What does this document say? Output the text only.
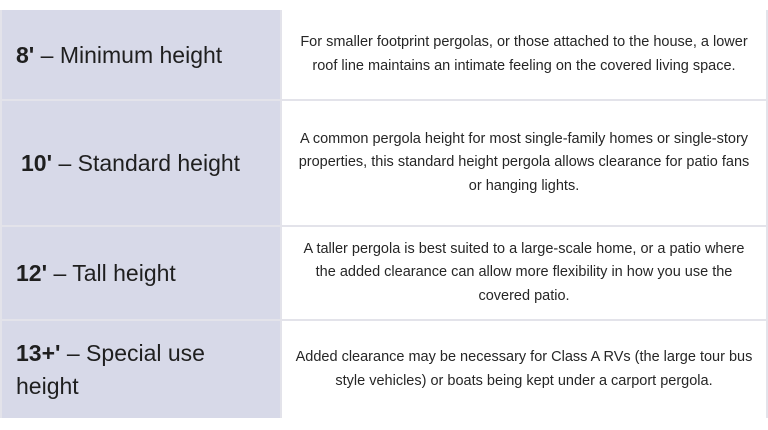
8' – Minimum height	For smaller footprint pergolas, or those attached to the house, a lower roof line maintains an intimate feeling on the covered living space.
10' – Standard height
A common pergola height for most single-family homes or single-story properties, this standard height pergola allows clearance for patio fans or hanging lights.
12' – Tall height
A taller pergola is best suited to a large-scale home, or a patio where the added clearance can allow more flexibility in how you use the covered patio.
13+' – Special use height
Added clearance may be necessary for Class A RVs (the large tour bus style vehicles) or boats being kept under a carport pergola.
